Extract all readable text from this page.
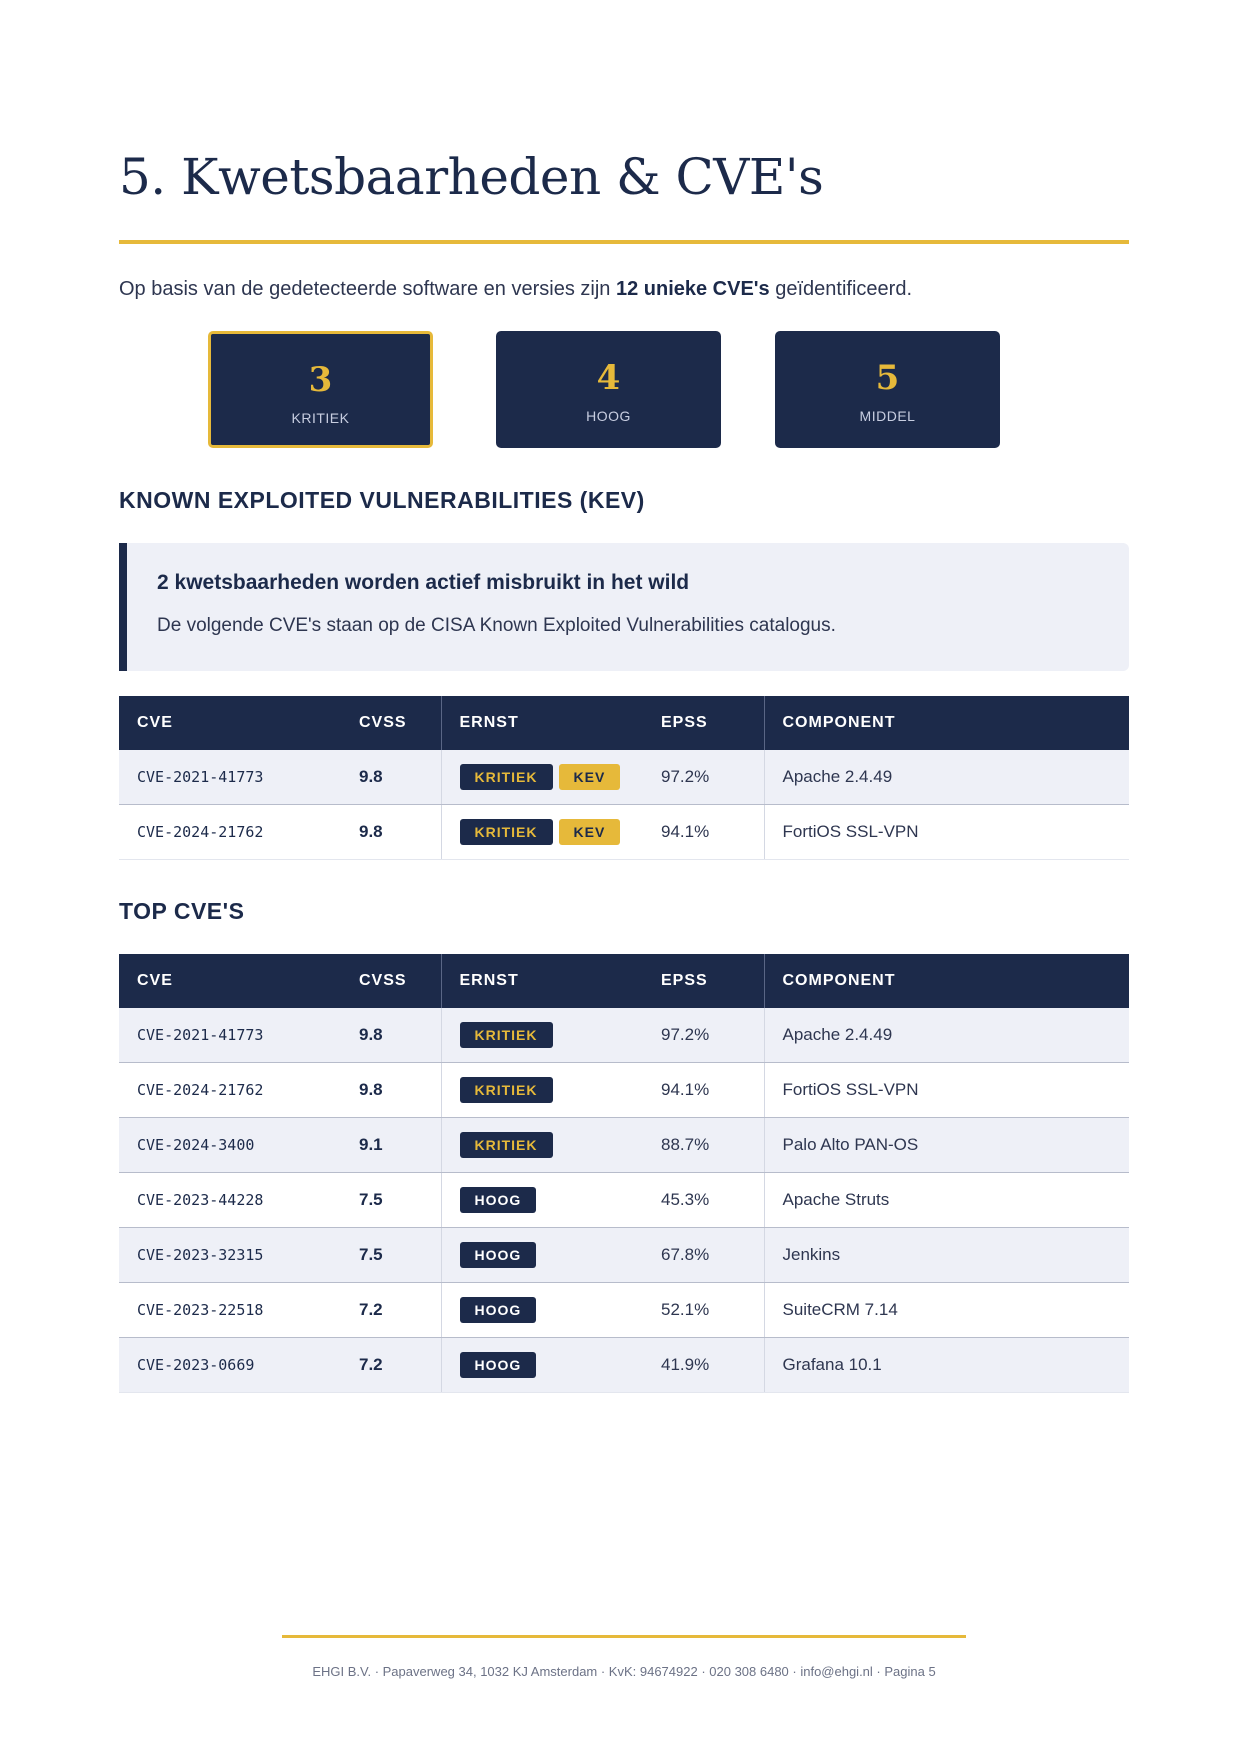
5. Kwetsbaarheden & CVE's

Op basis van de gedetecteerde software en versies zijn 12 unieke CVE's geïdentificeerd.

3
KRITIEK
4
HOOG
5
MIDDEL
KNOWN EXPLOITED VULNERABILITIES (KEV)
2 kwetsbaarheden worden actief misbruikt in het wild
De volgende CVE's staan op de CISA Known Exploited Vulnerabilities catalogus.
CVE	CVSS	ERNST	EPSS	COMPONENT
CVE-2021-41773	9.8	KRITIEK KEV	97.2%	Apache 2.4.49
CVE-2024-21762	9.8	KRITIEK KEV	94.1%	FortiOS SSL-VPN
TOP CVE'S
CVE	CVSS	ERNST	EPSS	COMPONENT
CVE-2021-41773	9.8	KRITIEK	97.2%	Apache 2.4.49
CVE-2024-21762	9.8	KRITIEK	94.1%	FortiOS SSL-VPN
CVE-2024-3400	9.1	KRITIEK	88.7%	Palo Alto PAN-OS
CVE-2023-44228	7.5	HOOG	45.3%	Apache Struts
CVE-2023-32315	7.5	HOOG	67.8%	Jenkins
CVE-2023-22518	7.2	HOOG	52.1%	SuiteCRM 7.14
CVE-2023-0669	7.2	HOOG	41.9%	Grafana 10.1
EHGI B.V. · Papaverweg 34, 1032 KJ Amsterdam · KvK: 94674922 · 020 308 6480 · info@ehgi.nl · Pagina 5
